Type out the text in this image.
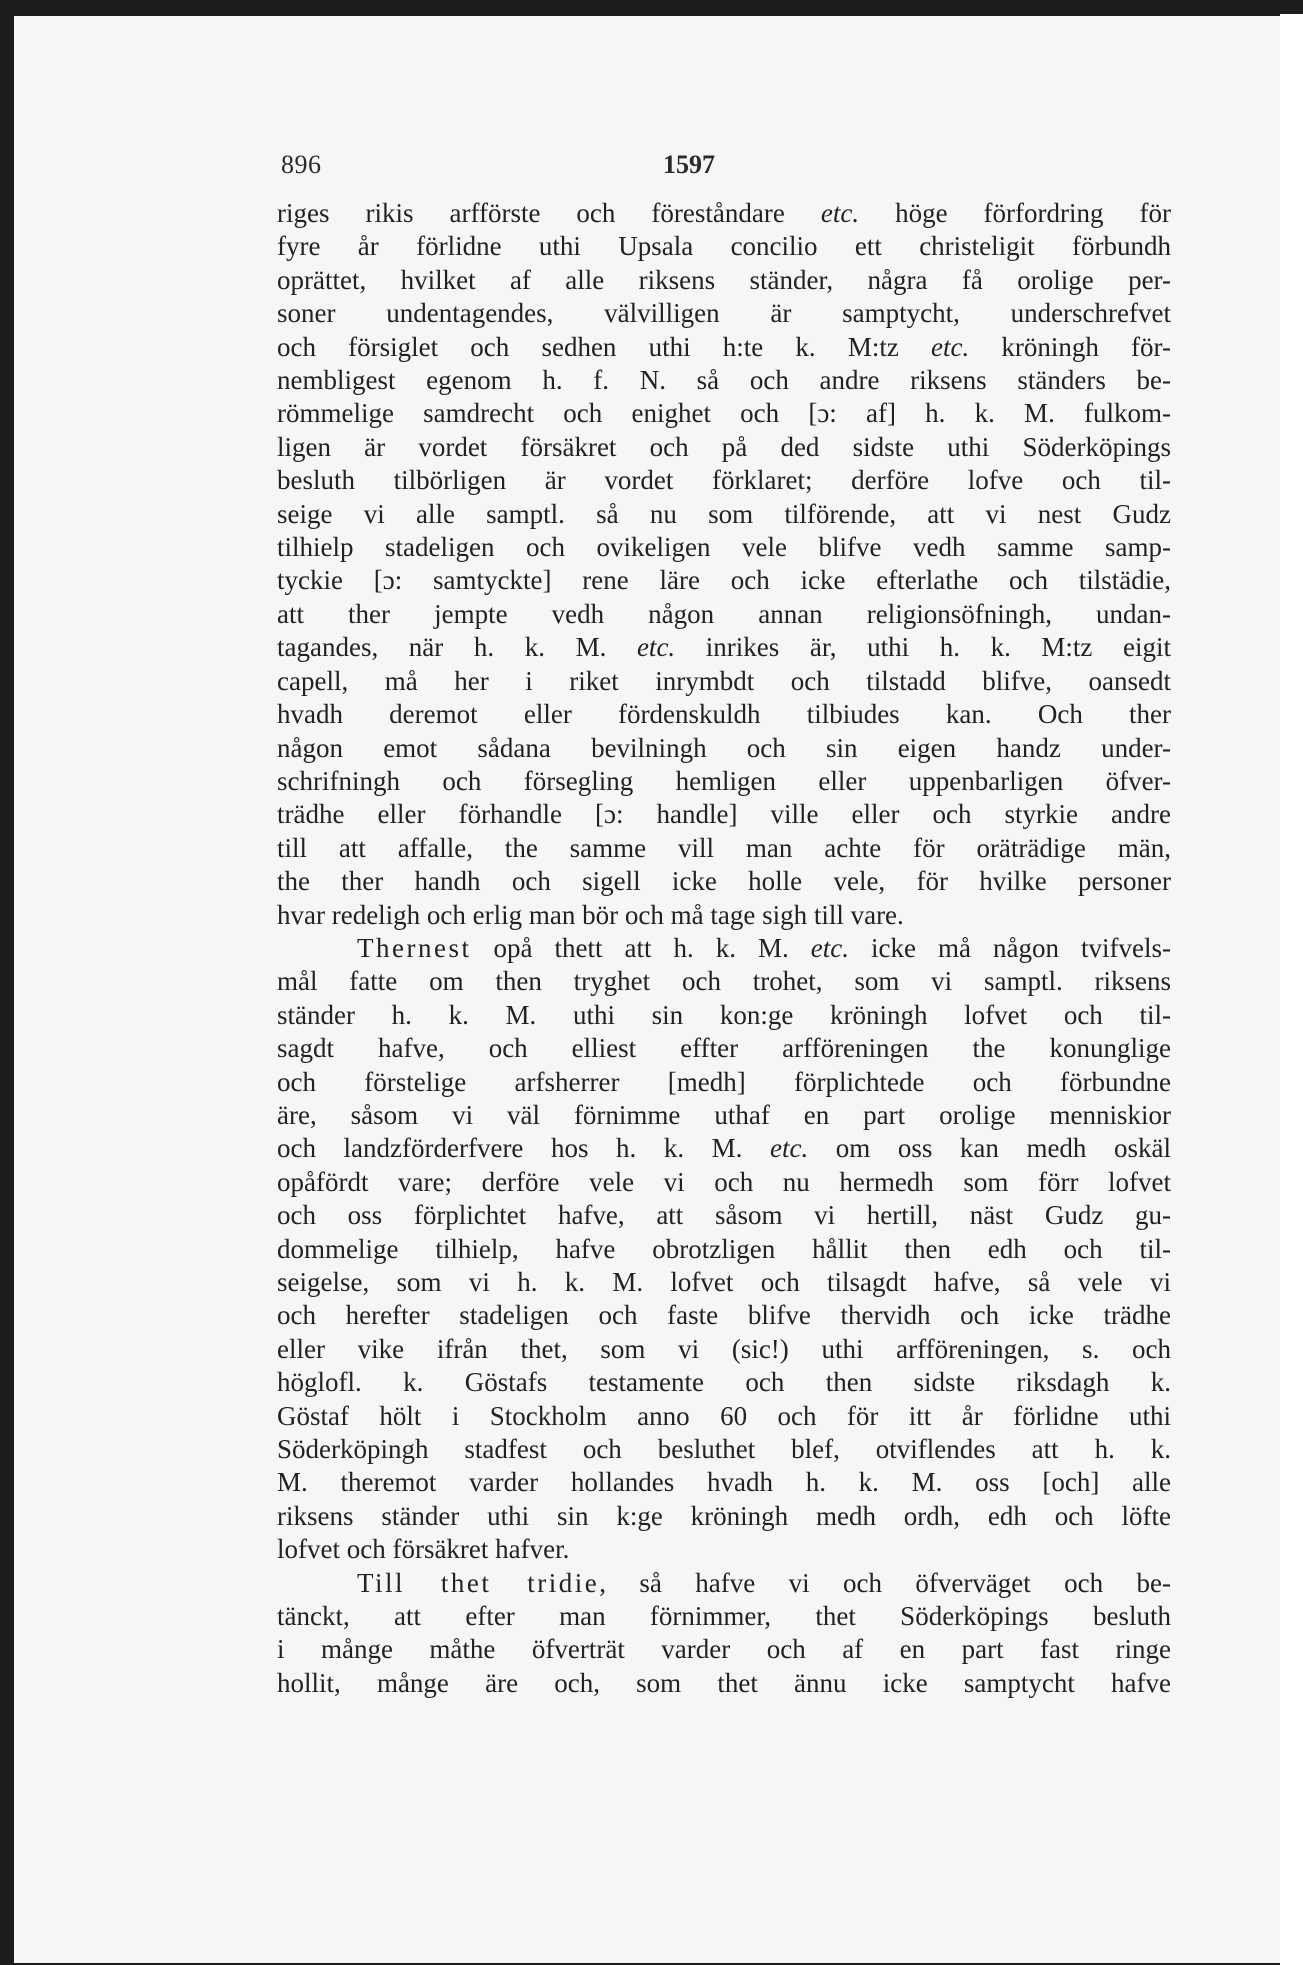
896	1597
riges rikis arfförste och föreståndare etc. höge förfordring för
fyre år förlidne uthi Upsala concilio ett christeligit förbundh
oprättet, hvilket af alle riksens ständer, några få orolige per-
soner undentagendes, välvilligen är samptycht, underschrefvet
och försiglet och sedhen uthi h:te k. M:tz etc. kröningh för-
nembligest egenom h. f. N. så och andre riksens ständers be-
römmelige samdrecht och enighet och [ɔ: af] h. k. M. fulkom-
ligen är vordet försäkret och på ded sidste uthi Söderköpings
besluth tilbörligen är vordet förklaret; derföre lofve och til-
seige vi alle samptl. så nu som tilförende, att vi nest Gudz
tilhielp stadeligen och ovikeligen vele blifve vedh samme samp-
tyckie [ɔ: samtyckte] rene läre och icke efterlathe och tilstädie,
att ther jempte vedh någon annan religionsöfningh, undan-
tagandes, när h. k. M. etc. inrikes är, uthi h. k. M:tz eigit
capell, må her i riket inrymbdt och tilstadd blifve, oansedt
hvadh deremot eller fördenskuldh tilbiudes kan. Och ther
någon emot sådana bevilningh och sin eigen handz under-
schrifningh och försegling hemligen eller uppenbarligen öfver-
trädhe eller förhandle [ɔ: handle] ville eller och styrkie andre
till att affalle, the samme vill man achte för oräträdige män,
the ther handh och sigell icke holle vele, för hvilke personer
hvar redeligh och erlig man bör och må tage sigh till vare.
Thernest opå thett att h. k. M. etc. icke må någon tvifvels-
mål fatte om then tryghet och trohet, som vi samptl. riksens
ständer h. k. M. uthi sin kon:ge kröningh lofvet och til-
sagdt hafve, och elliest effter arfföreningen the konunglige
och förstelige arfsherrer [medh] förplichtede och förbundne
äre, såsom vi väl förnimme uthaf en part orolige menniskior
och landzförderfvere hos h. k. M. etc. om oss kan medh oskäl
opåfördt vare; derföre vele vi och nu hermedh som förr lofvet
och oss förplichtet hafve, att såsom vi hertill, näst Gudz gu-
dommelige tilhielp, hafve obrotzligen hållit then edh och til-
seigelse, som vi h. k. M. lofvet och tilsagdt hafve, så vele vi
och herefter stadeligen och faste blifve thervidh och icke trädhe
eller vike ifrån thet, som vi (sic!) uthi arfföreningen, s. och
höglofl. k. Göstafs testamente och then sidste riksdagh k.
Göstaf hölt i Stockholm anno 60 och för itt år förlidne uthi
Söderköpingh stadfest och besluthet blef, otviflendes att h. k.
M. theremot varder hollandes hvadh h. k. M. oss [och] alle
riksens ständer uthi sin k:ge kröningh medh ordh, edh och löfte
lofvet och försäkret hafver.
Till thet tridie, så hafve vi och öfverväget och be-
tänckt, att efter man förnimmer, thet Söderköpings besluth
i månge måthe öfverträt varder och af en part fast ringe
hollit, månge äre och, som thet ännu icke samptycht hafve
